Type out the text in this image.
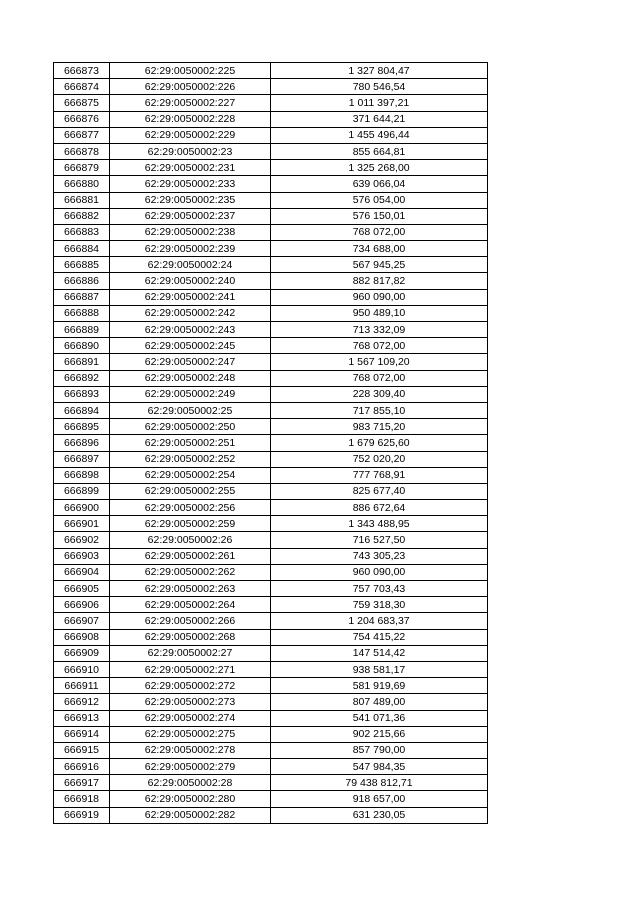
666873	62:29:0050002:225	1 327 804,47
666874	62:29:0050002:226	780 546,54
666875	62:29:0050002:227	1 011 397,21
666876	62:29:0050002:228	371 644,21
666877	62:29:0050002:229	1 455 496,44
666878	62:29:0050002:23	855 664,81
666879	62:29:0050002:231	1 325 268,00
666880	62:29:0050002:233	639 066,04
666881	62:29:0050002:235	576 054,00
666882	62:29:0050002:237	576 150,01
666883	62:29:0050002:238	768 072,00
666884	62:29:0050002:239	734 688,00
666885	62:29:0050002:24	567 945,25
666886	62:29:0050002:240	882 817,82
666887	62:29:0050002:241	960 090,00
666888	62:29:0050002:242	950 489,10
666889	62:29:0050002:243	713 332,09
666890	62:29:0050002:245	768 072,00
666891	62:29:0050002:247	1 567 109,20
666892	62:29:0050002:248	768 072,00
666893	62:29:0050002:249	228 309,40
666894	62:29:0050002:25	717 855,10
666895	62:29:0050002:250	983 715,20
666896	62:29:0050002:251	1 679 625,60
666897	62:29:0050002:252	752 020,20
666898	62:29:0050002:254	777 768,91
666899	62:29:0050002:255	825 677,40
666900	62:29:0050002:256	886 672,64
666901	62:29:0050002:259	1 343 488,95
666902	62:29:0050002:26	716 527,50
666903	62:29:0050002:261	743 305,23
666904	62:29:0050002:262	960 090,00
666905	62:29:0050002:263	757 703,43
666906	62:29:0050002:264	759 318,30
666907	62:29:0050002:266	1 204 683,37
666908	62:29:0050002:268	754 415,22
666909	62:29:0050002:27	147 514,42
666910	62:29:0050002:271	938 581,17
666911	62:29:0050002:272	581 919,69
666912	62:29:0050002:273	807 489,00
666913	62:29:0050002:274	541 071,36
666914	62:29:0050002:275	902 215,66
666915	62:29:0050002:278	857 790,00
666916	62:29:0050002:279	547 984,35
666917	62:29:0050002:28	79 438 812,71
666918	62:29:0050002:280	918 657,00
666919	62:29:0050002:282	631 230,05
